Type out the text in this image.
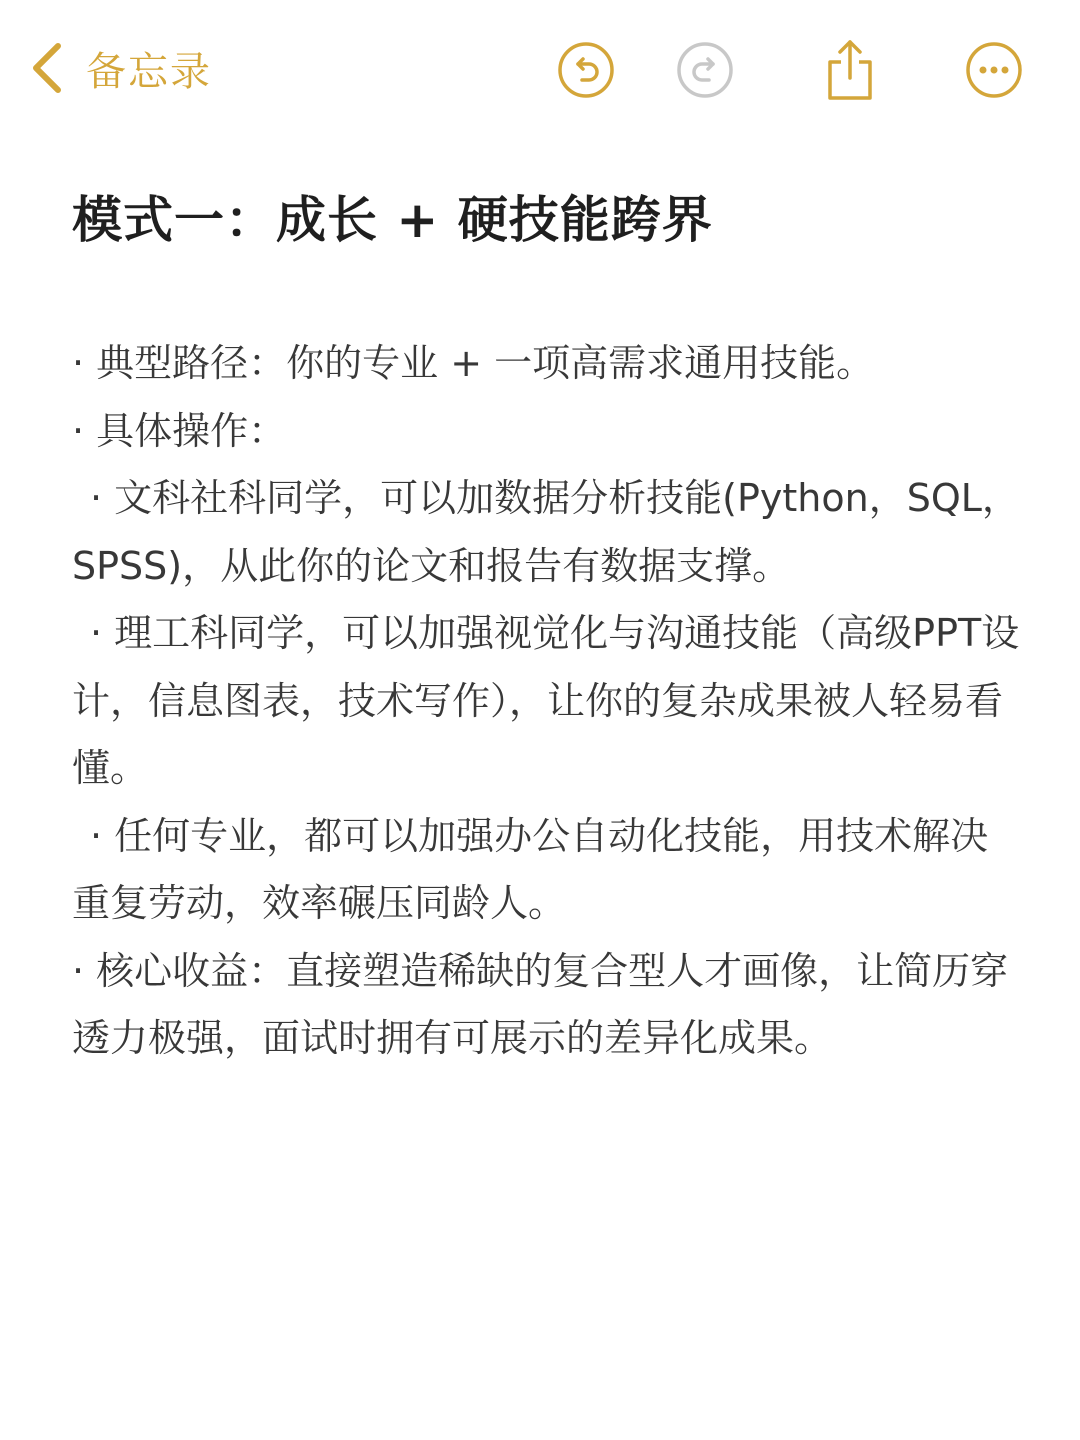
备忘录
模式一：成长 + 硬技能跨界

· 典型路径：你的专业 + 一项高需求通用技能。

· 具体操作：

· 文科社科同学，可以加数据分析技能(Python，SQL，SPSS)，从此你的论文和报告有数据支撑。

· 理工科同学，可以加强视觉化与沟通技能（高级PPT设计，信息图表，技术写作），让你的复杂成果被人轻易看懂。

· 任何专业，都可以加强办公自动化技能，用技术解决重复劳动，效率碾压同龄人。

· 核心收益：直接塑造稀缺的复合型人才画像，让简历穿透力极强，面试时拥有可展示的差异化成果。
